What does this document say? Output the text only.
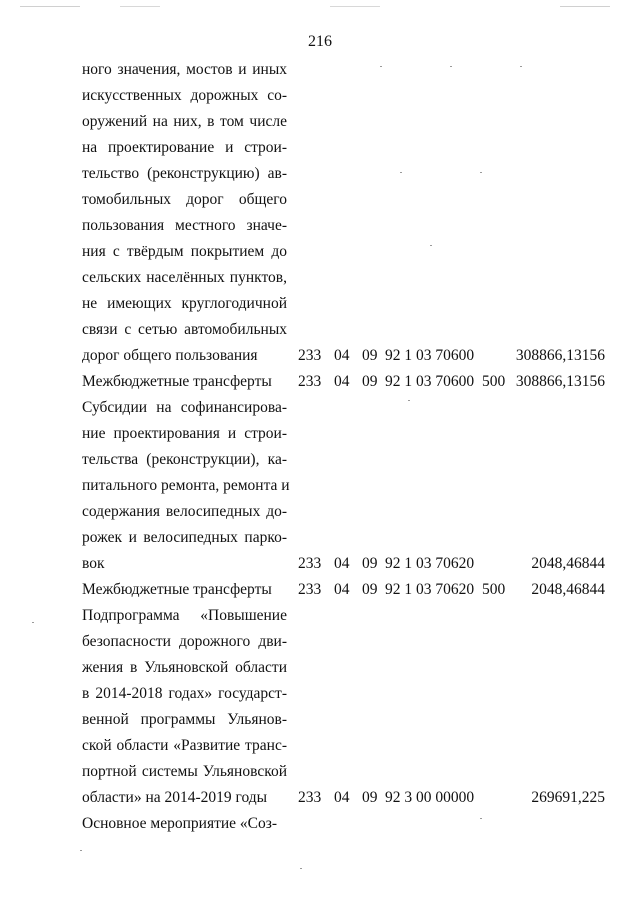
216
ного значения, мостов и иных
искусственных дорожных со-
оружений на них, в том числе
на проектирование и строи-
тельство (реконструкцию) ав-
томобильных дорог общего
пользования местного значе-
ния с твёрдым покрытием до
сельских населённых пунктов,
не имеющих круглогодичной
связи с сетью автомобильных
дорог общего пользования	233 04 09 92 1 03 70600	308866,13156
Межбюджетные трансферты	233 04 09 92 1 03 70600 500 308866,13156
Субсидии на софинансирова-
ние проектирования и строи-
тельства (реконструкции), ка-
питального ремонта, ремонта и
содержания велосипедных до-
рожек и велосипедных парко-
вок	233 04 09 92 1 03 70620	2048,46844
Межбюджетные трансферты	233 04 09 92 1 03 70620 500 2048,46844
Подпрограмма «Повышение
безопасности дорожного дви-
жения в Ульяновской области
в 2014-2018 годах» государст-
венной программы Ульянов-
ской области «Развитие транс-
портной системы Ульяновской
области» на 2014-2019 годы	233 04 09 92 3 00 00000	269691,225
Основное мероприятие «Соз-
